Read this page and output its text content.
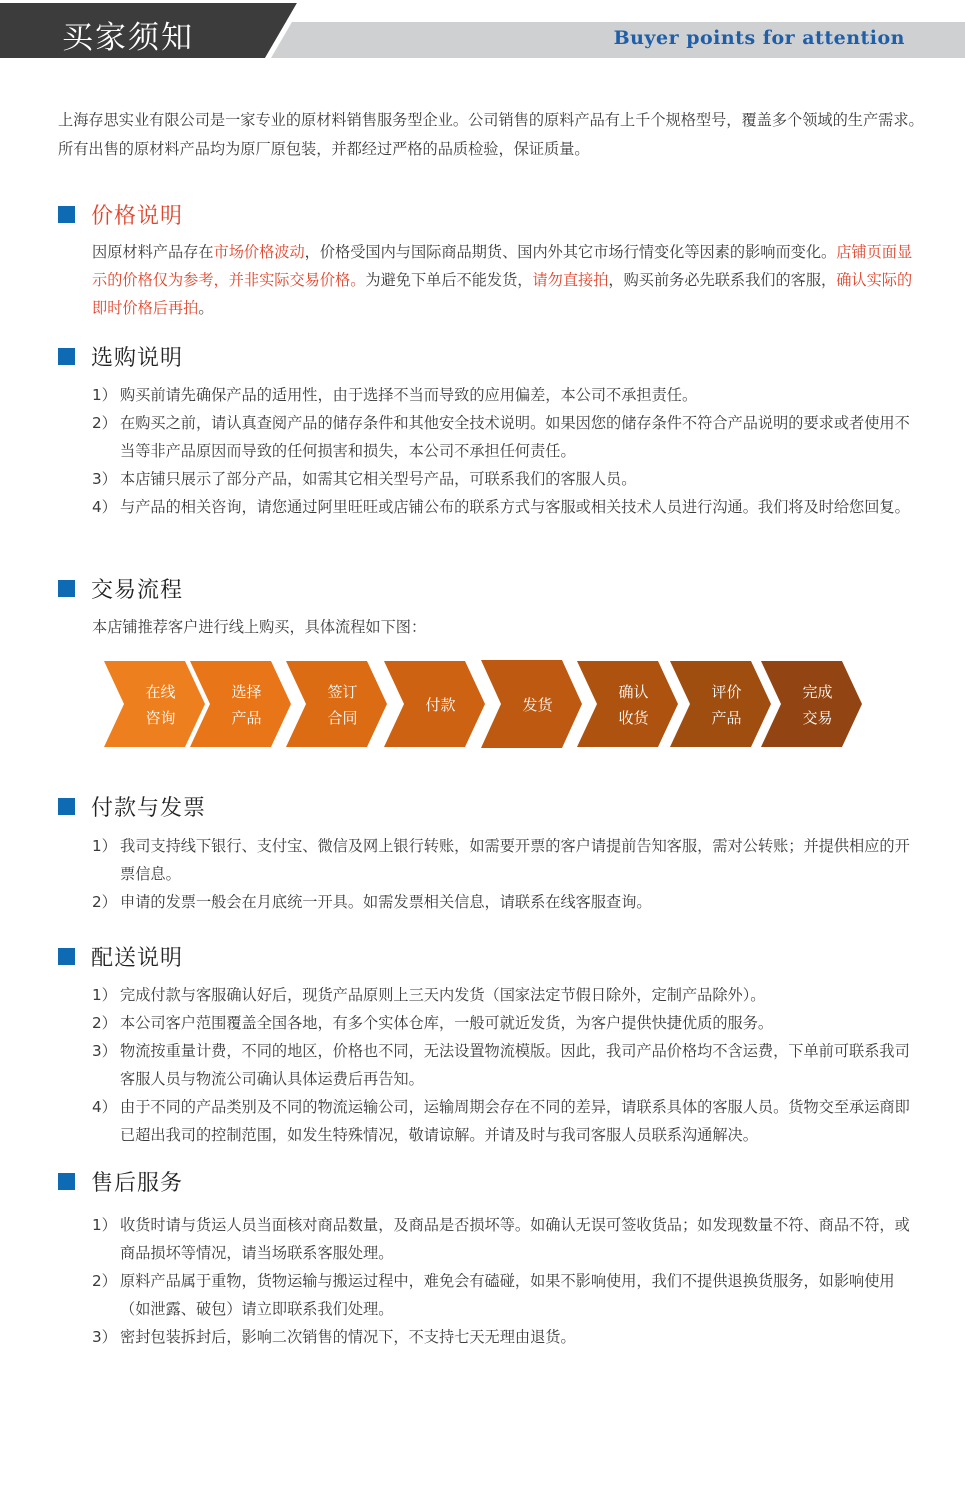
买家须知	Buyer points for attention
上海存思实业有限公司是一家专业的原材料销售服务型企业。公司销售的原料产品有上千个规格型号，覆盖多个领域的生产需求。所有出售的原材料产品均为原厂原包装，并都经过严格的品质检验，保证质量。
价格说明
因原材料产品存在市场价格波动，价格受国内与国际商品期货、国内外其它市场行情变化等因素的影响而变化。店铺页面显示的价格仅为参考，并非实际交易价格。为避免下单后不能发货，请勿直接拍，购买前务必先联系我们的客服，确认实际的即时价格后再拍。
选购说明
1） 购买前请先确保产品的适用性，由于选择不当而导致的应用偏差，本公司不承担责任。
2） 在购买之前，请认真查阅产品的储存条件和其他安全技术说明。如果因您的储存条件不符合产品说明的要求或者使用不当等非产品原因而导致的任何损害和损失，本公司不承担任何责任。
3） 本店铺只展示了部分产品，如需其它相关型号产品，可联系我们的客服人员。
4） 与产品的相关咨询，请您通过阿里旺旺或店铺公布的联系方式与客服或相关技术人员进行沟通。我们将及时给您回复。
交易流程
本店铺推荐客户进行线上购买，具体流程如下图：
在线
咨询
选择
产品
签订
合同
付款	发货
确认
收货
评价
产品
完成
交易
付款与发票
1） 我司支持线下银行、支付宝、微信及网上银行转账，如需要开票的客户请提前告知客服，需对公转账；并提供相应的开票信息。
2） 申请的发票一般会在月底统一开具。如需发票相关信息，请联系在线客服查询。
配送说明
1） 完成付款与客服确认好后，现货产品原则上三天内发货（国家法定节假日除外，定制产品除外）。
2） 本公司客户范围覆盖全国各地，有多个实体仓库，一般可就近发货，为客户提供快捷优质的服务。
3） 物流按重量计费，不同的地区，价格也不同，无法设置物流模版。因此，我司产品价格均不含运费，下单前可联系我司客服人员与物流公司确认具体运费后再告知。
4） 由于不同的产品类别及不同的物流运输公司，运输周期会存在不同的差异，请联系具体的客服人员。货物交至承运商即已超出我司的控制范围，如发生特殊情况，敬请谅解。并请及时与我司客服人员联系沟通解决。
售后服务
1） 收货时请与货运人员当面核对商品数量，及商品是否损坏等。如确认无误可签收货品；如发现数量不符、商品不符，或商品损坏等情况，请当场联系客服处理。
2） 原料产品属于重物，货物运输与搬运过程中，难免会有磕碰，如果不影响使用，我们不提供退换货服务，如影响使用（如泄露、破包）请立即联系我们处理。
3） 密封包装拆封后，影响二次销售的情况下，不支持七天无理由退货。
